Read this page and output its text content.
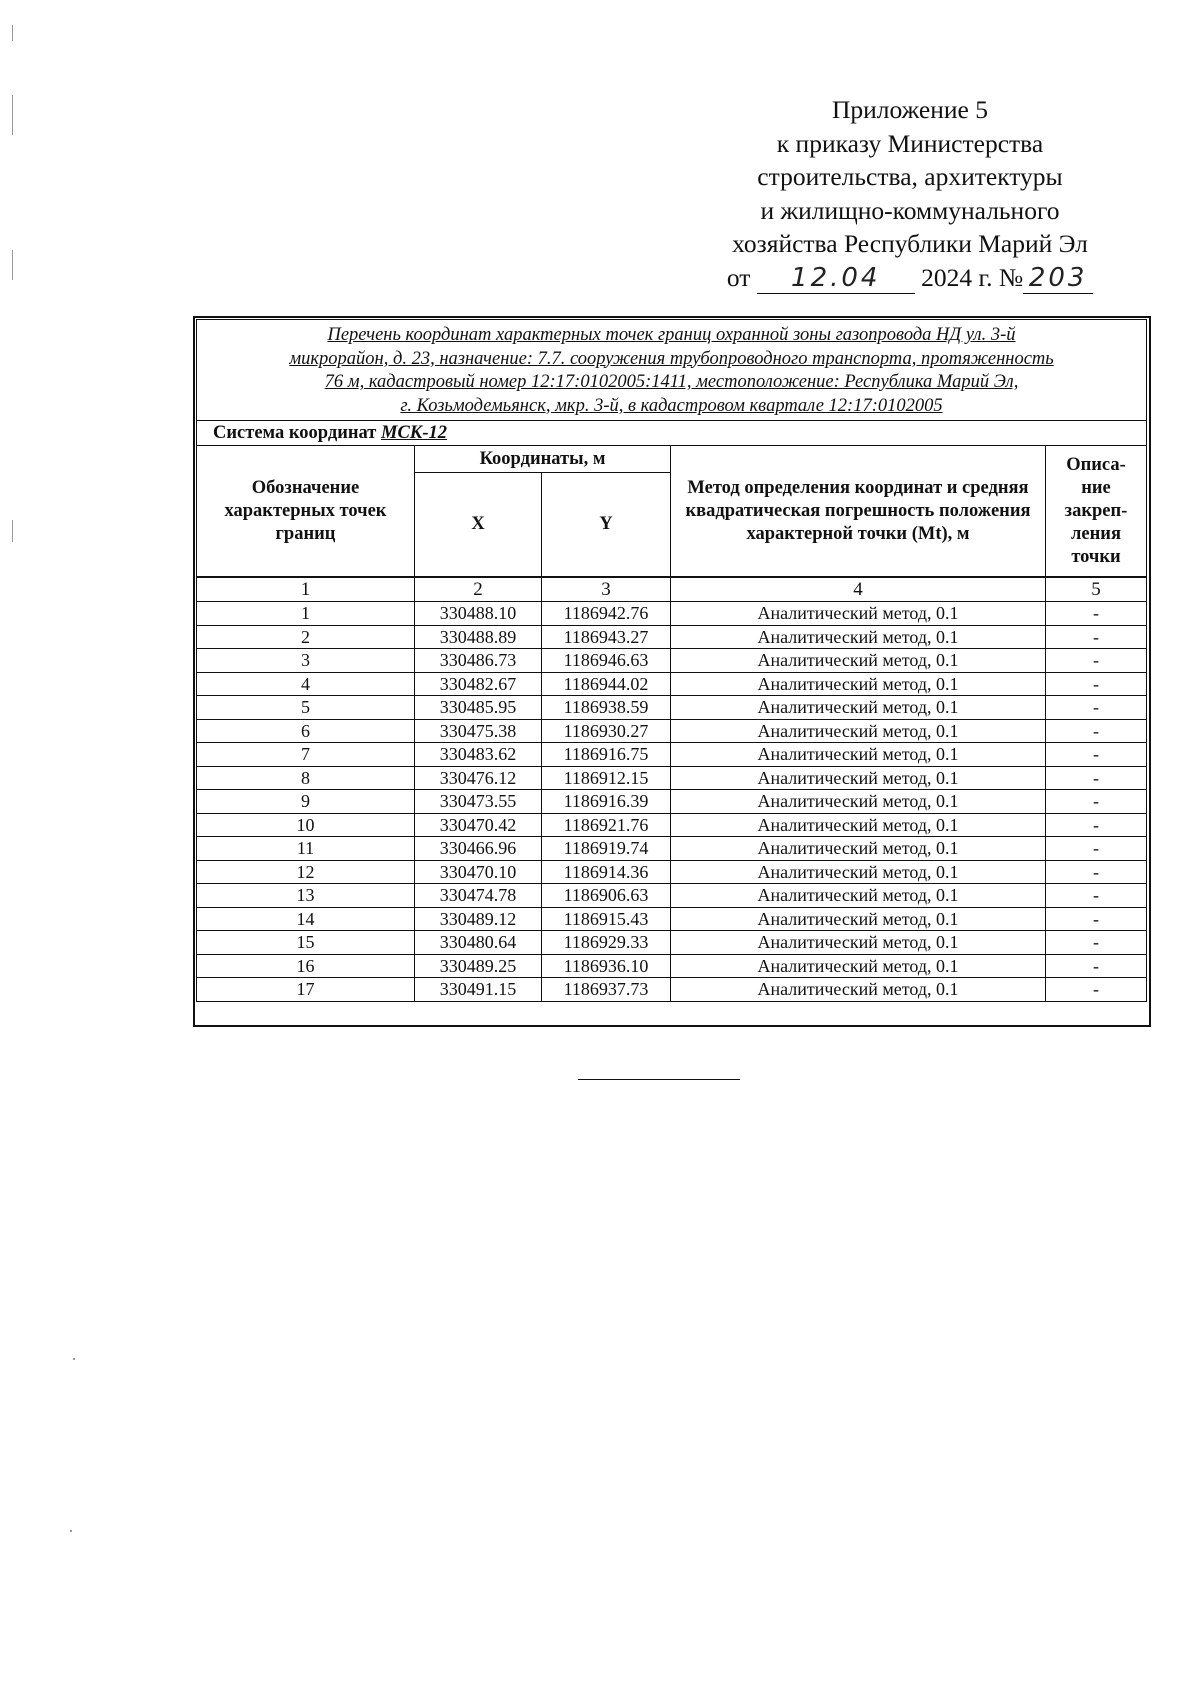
Приложение 5
к приказу Министерства
строительства, архитектуры
и жилищно-коммунального
хозяйства Республики Марий Эл
от 12.04 2024 г. № 203
Перечень координат характерных точек границ охранной зоны газопровода НД ул. 3-й
микрорайон, д. 23, назначение: 7.7. сооружения трубопроводного транспорта, протяженность
76 м, кадастровый номер 12:17:0102005:1411, местоположение: Республика Марий Эл,
г. Козьмодемьянск, мкр. 3-й, в кадастровом квартале 12:17:0102005				

Система координат МСК-12				
Обозначение характерных точек границ	Координаты, м		Метод определения координат и средняя квадратическая погрешность положения характерной точки (Mt), м	Описа-
ние
закреп-
ления
точки

	X	Y		
1	2	3	4	5
1	330488.10	1186942.76	Аналитический метод, 0.1	-
2	330488.89	1186943.27	Аналитический метод, 0.1	-
3	330486.73	1186946.63	Аналитический метод, 0.1	-
4	330482.67	1186944.02	Аналитический метод, 0.1	-
5	330485.95	1186938.59	Аналитический метод, 0.1	-
6	330475.38	1186930.27	Аналитический метод, 0.1	-
7	330483.62	1186916.75	Аналитический метод, 0.1	-
8	330476.12	1186912.15	Аналитический метод, 0.1	-
9	330473.55	1186916.39	Аналитический метод, 0.1	-
10	330470.42	1186921.76	Аналитический метод, 0.1	-
11	330466.96	1186919.74	Аналитический метод, 0.1	-
12	330470.10	1186914.36	Аналитический метод, 0.1	-
13	330474.78	1186906.63	Аналитический метод, 0.1	-
14	330489.12	1186915.43	Аналитический метод, 0.1	-
15	330480.64	1186929.33	Аналитический метод, 0.1	-
16	330489.25	1186936.10	Аналитический метод, 0.1	-
17	330491.15	1186937.73	Аналитический метод, 0.1	-
